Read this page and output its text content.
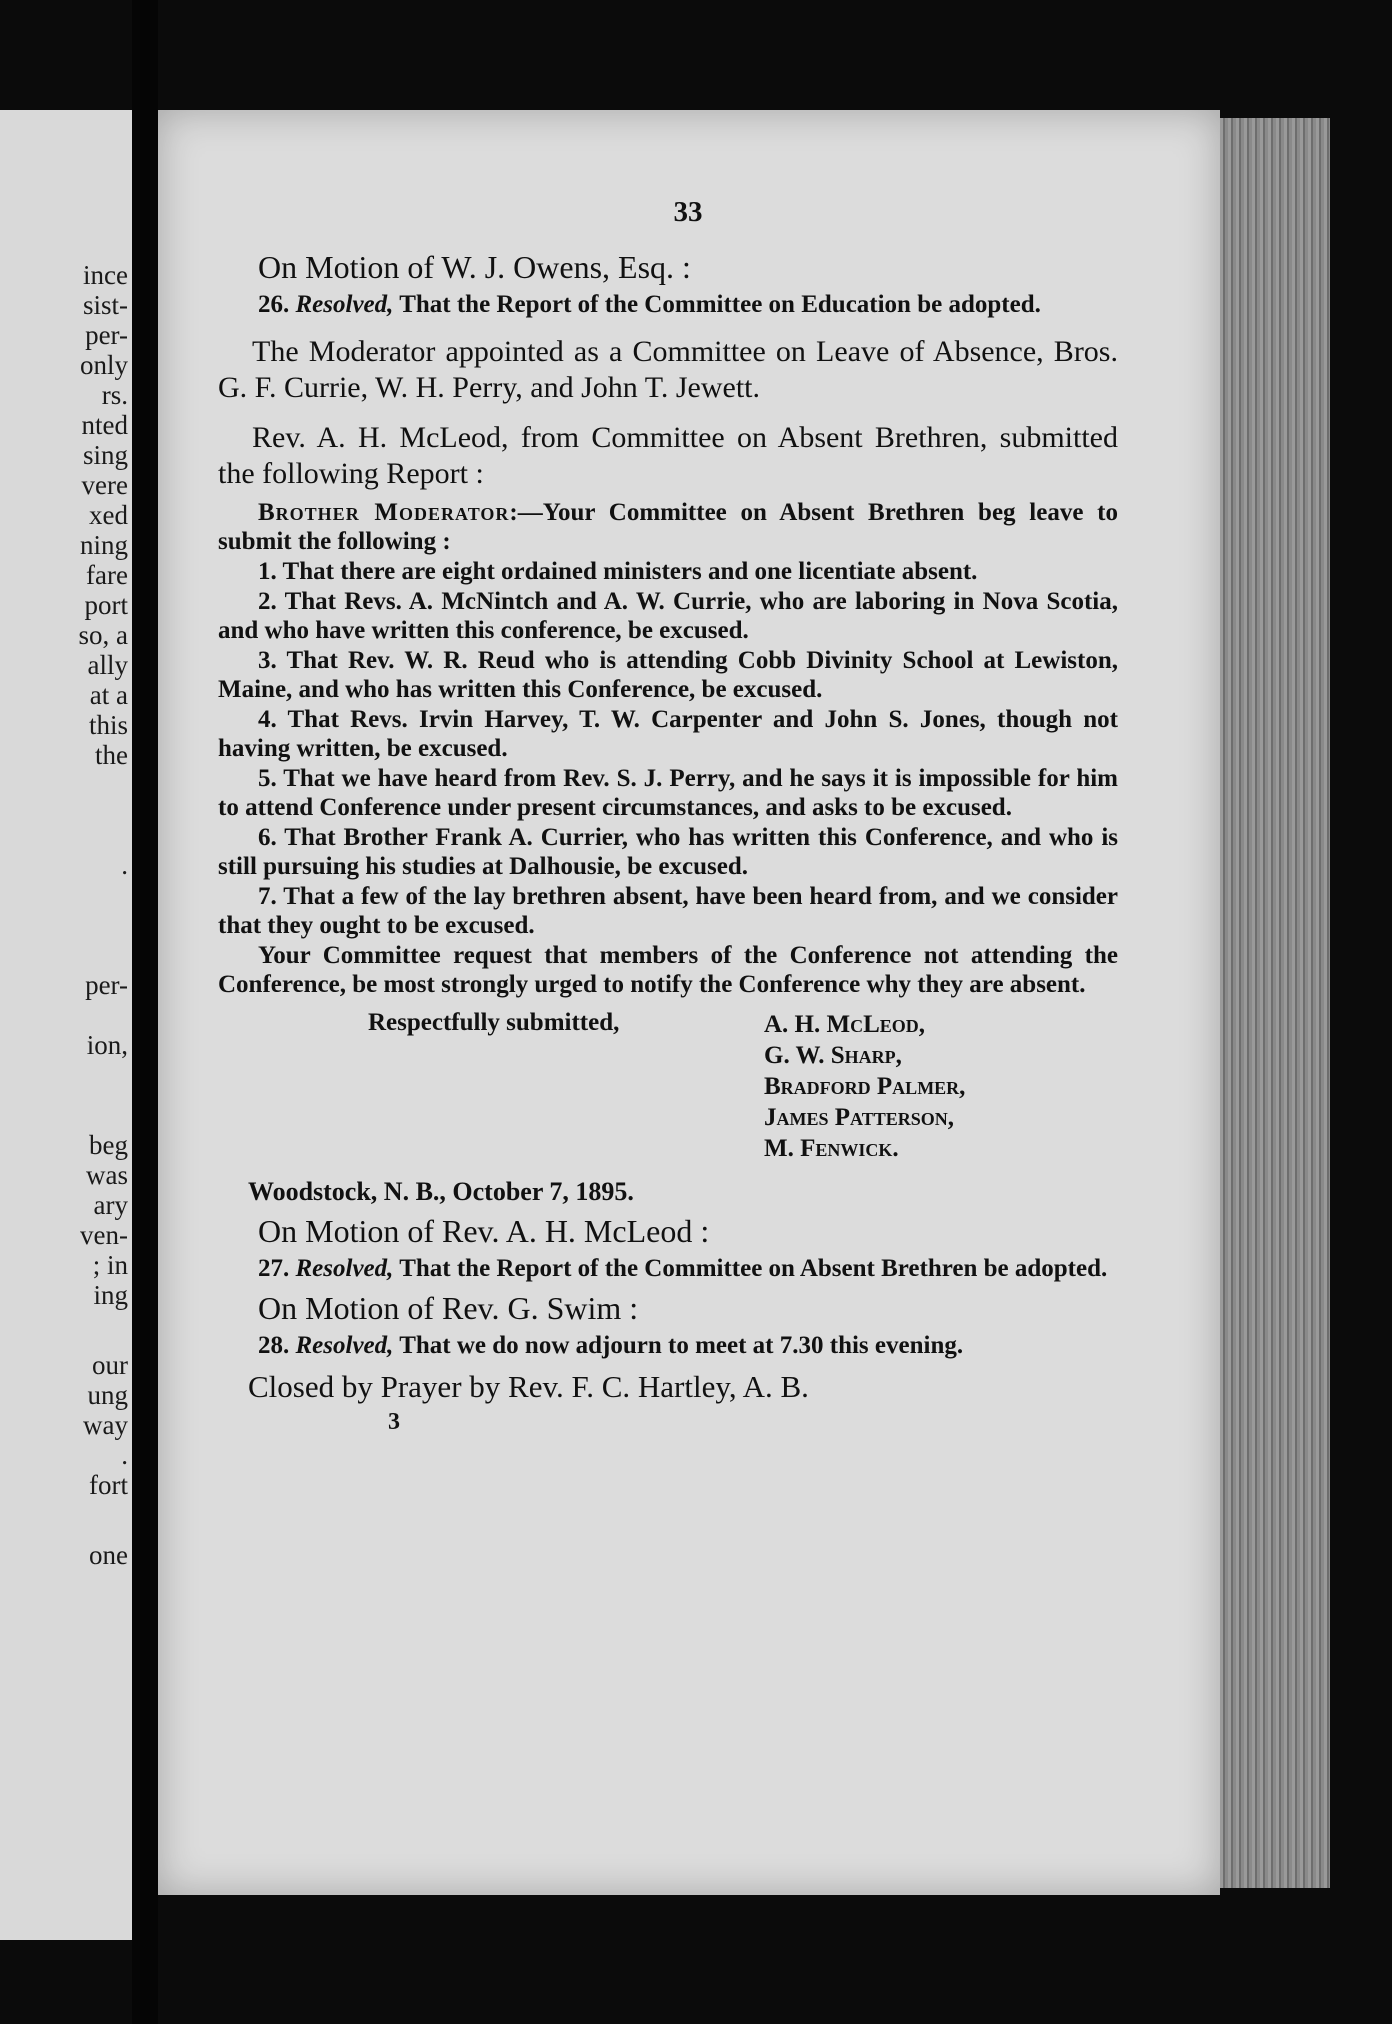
ince
sist-
per-
only
rs.
nted
sing
vere
xed
ning
fare
port
so, a
ally
at a
this
the
.
per-
ion,
beg
was
ary
ven-
; in
ing
our
ung
way
.
fort
one
33
On Motion of W. J. Owens, Esq. :

26. Resolved, That the Report of the Committee on Education be adopted.

The Moderator appointed as a Committee on Leave of Absence, Bros. G. F. Currie, W. H. Perry, and John T. Jewett.

Rev. A. H. McLeod, from Committee on Absent Brethren, submitted the following Report :

Brother Moderator:—Your Committee on Absent Brethren beg leave to submit the following :

1. That there are eight ordained ministers and one licentiate absent.

2. That Revs. A. McNintch and A. W. Currie, who are laboring in Nova Scotia, and who have written this conference, be excused.

3. That Rev. W. R. Reud who is attending Cobb Divinity School at Lewiston, Maine, and who has written this Conference, be excused.

4. That Revs. Irvin Harvey, T. W. Carpenter and John S. Jones, though not having written, be excused.

5. That we have heard from Rev. S. J. Perry, and he says it is impossible for him to attend Conference under present circumstances, and asks to be excused.

6. That Brother Frank A. Currier, who has written this Conference, and who is still pursuing his studies at Dalhousie, be excused.

7. That a few of the lay brethren absent, have been heard from, and we consider that they ought to be excused.

Your Committee request that members of the Conference not attending the Conference, be most strongly urged to notify the Conference why they are absent.

Respectfully submitted,	A. H. McLeod,
G. W. Sharp,
Bradford Palmer,
James Patterson,
M. Fenwick.
Woodstock, N. B., October 7, 1895.
On Motion of Rev. A. H. McLeod :

27. Resolved, That the Report of the Committee on Absent Brethren be adopted.

On Motion of Rev. G. Swim :

28. Resolved, That we do now adjourn to meet at 7.30 this evening.

Closed by Prayer by Rev. F. C. Hartley, A. B.
3
